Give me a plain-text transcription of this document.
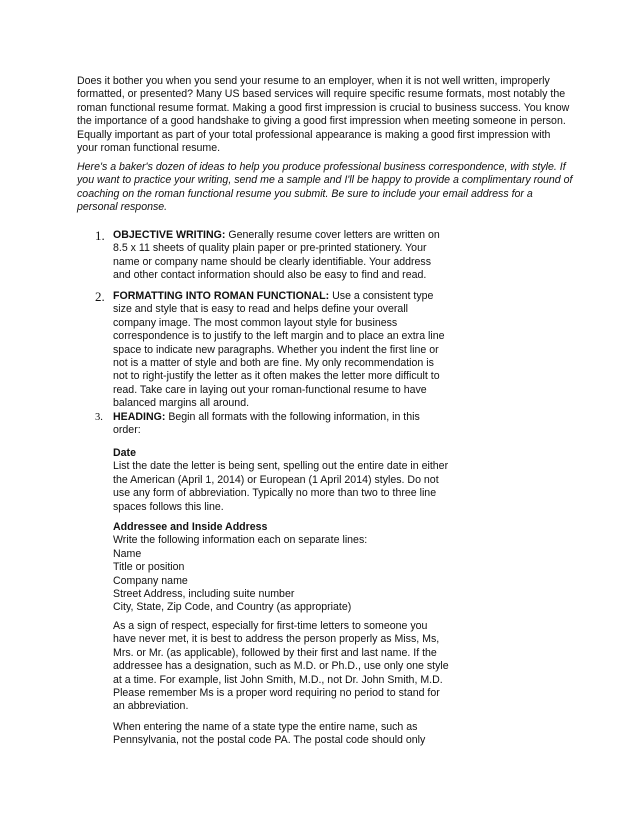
Does it bother you when you send your resume to an employer, when it is not well written, improperly
formatted, or presented? Many US based services will require specific resume formats, most notably the
roman functional resume format. Making a good first impression is crucial to business success. You know
the importance of a good handshake to giving a good first impression when meeting someone in person.
Equally important as part of your total professional appearance is making a good first impression with
your roman functional resume.

Here's a baker's dozen of ideas to help you produce professional business correspondence, with style. If
you want to practice your writing, send me a sample and I'll be happy to provide a complimentary round of
coaching on the roman functional resume you submit. Be sure to include your email address for a
personal response.

1. OBJECTIVE WRITING: Generally resume cover letters are written on
8.5 x 11 sheets of quality plain paper or pre-printed stationery. Your
name or company name should be clearly identifiable. Your address
and other contact information should also be easy to find and read.
2. FORMATTING INTO ROMAN FUNCTIONAL: Use a consistent type
size and style that is easy to read and helps define your overall
company image. The most common layout style for business
correspondence is to justify to the left margin and to place an extra line
space to indicate new paragraphs. Whether you indent the first line or
not is a matter of style and both are fine. My only recommendation is
not to right-justify the letter as it often makes the letter more difficult to
read. Take care in laying out your roman-functional resume to have
balanced margins all around.
3. HEADING: Begin all formats with the following information, in this
order:
Date
List the date the letter is being sent, spelling out the entire date in either
the American (April 1, 2014) or European (1 April 2014) styles. Do not
use any form of abbreviation. Typically no more than two to three line
spaces follows this line.
Addressee and Inside Address
Write the following information each on separate lines:
Name
Title or position
Company name
Street Address, including suite number
City, State, Zip Code, and Country (as appropriate)
As a sign of respect, especially for first-time letters to someone you
have never met, it is best to address the person properly as Miss, Ms,
Mrs. or Mr. (as applicable), followed by their first and last name. If the
addressee has a designation, such as M.D. or Ph.D., use only one style
at a time. For example, list John Smith, M.D., not Dr. John Smith, M.D.
Please remember Ms is a proper word requiring no period to stand for
an abbreviation.
When entering the name of a state type the entire name, such as
Pennsylvania, not the postal code PA. The postal code should only
